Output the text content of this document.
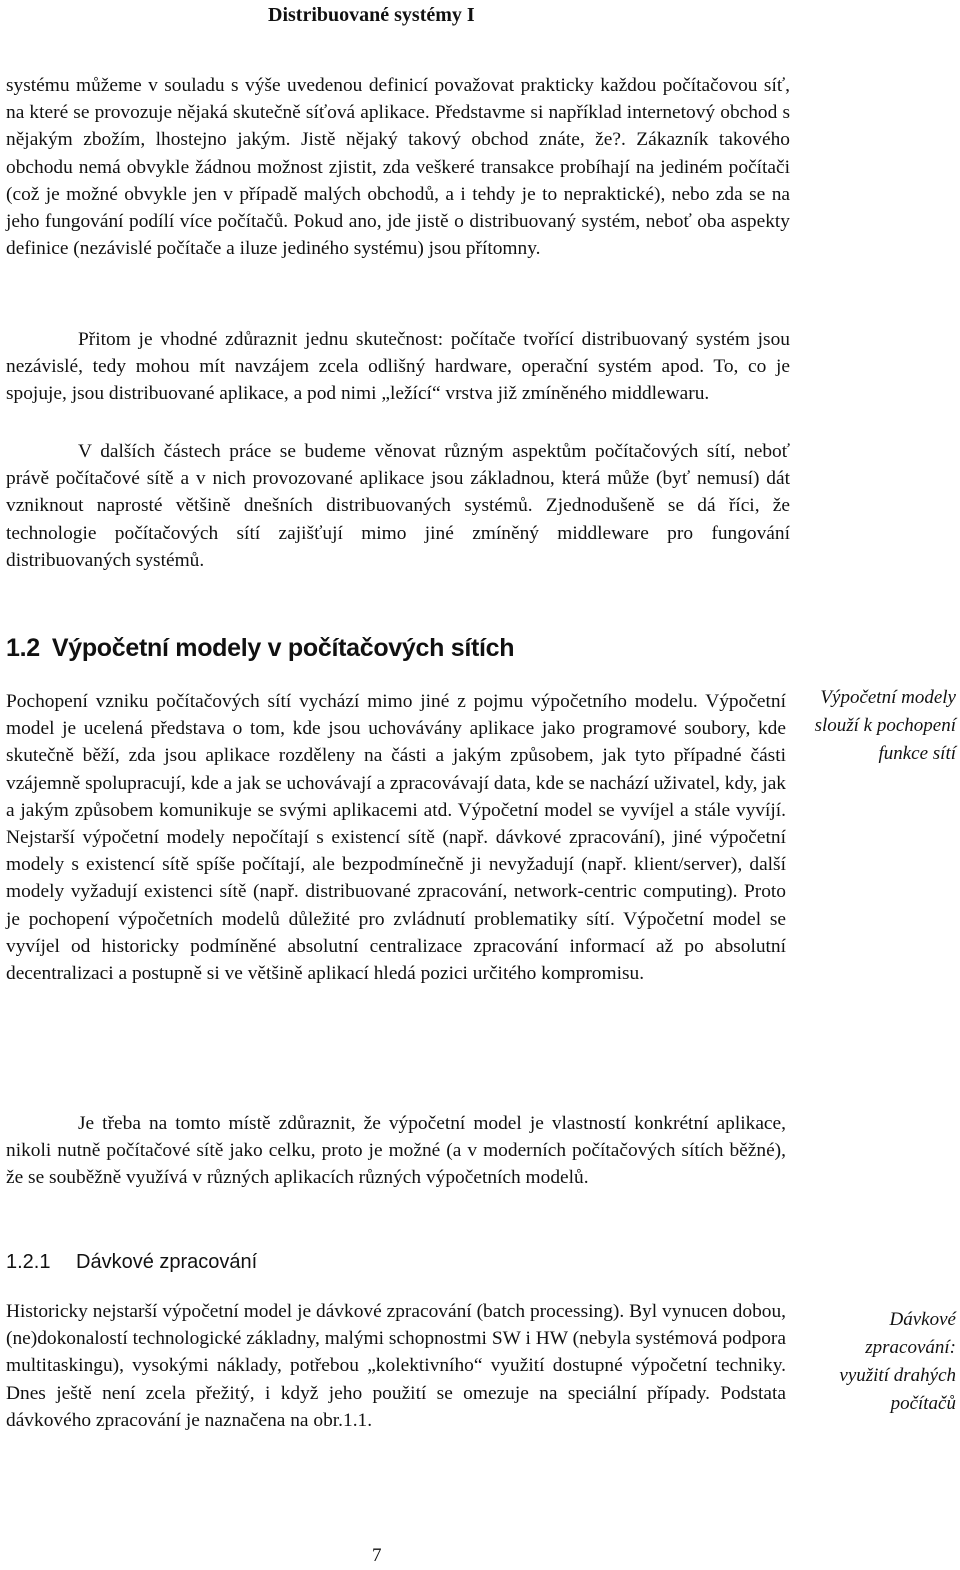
Distribuované systémy I

systému můžeme v souladu s výše uvedenou definicí považovat prakticky každou počítačovou síť, na které se provozuje nějaká skutečně síťová aplikace. Představme si například internetový obchod s nějakým zbožím, lhostejno jakým. Jistě nějaký takový obchod znáte, že?. Zákazník takového obchodu nemá obvykle žádnou možnost zjistit, zda veškeré transakce probíhají na jediném počítači (což je možné obvykle jen v případě malých obchodů, a i tehdy je to nepraktické), nebo zda se na jeho fungování podílí více počítačů. Pokud ano, jde jistě o distribuovaný systém, neboť oba aspekty definice (nezávislé počítače a iluze jediného systému) jsou přítomny.

Přitom je vhodné zdůraznit jednu skutečnost: počítače tvořící distribuovaný systém jsou nezávislé, tedy mohou mít navzájem zcela odlišný hardware, operační systém apod. To, co je spojuje, jsou distribuované aplikace, a pod nimi „ležící“ vrstva již zmíněného middlewaru.

V dalších částech práce se budeme věnovat různým aspektům počítačových sítí, neboť právě počítačové sítě a v nich provozované aplikace jsou základnou, která může (byť nemusí) dát vzniknout naprosté většině dnešních distribuovaných systémů. Zjednodušeně se dá říci, že technologie počítačových sítí zajišťují mimo jiné zmíněný middleware pro fungování distribuovaných systémů.

1.2 Výpočetní modely v počítačových sítích

Pochopení vzniku počítačových sítí vychází mimo jiné z pojmu výpočetního modelu. Výpočetní model je ucelená představa o tom, kde jsou uchovávány aplikace jako programové soubory, kde skutečně běží, zda jsou aplikace rozděleny na části a jakým způsobem, jak tyto případné části vzájemně spolupracují, kde a jak se uchovávají a zpracovávají data, kde se nachází uživatel, kdy, jak a jakým způsobem komunikuje se svými aplikacemi atd. Výpočetní model se vyvíjel a stále vyvíjí. Nejstarší výpočetní modely nepočítají s existencí sítě (např. dávkové zpracování), jiné výpočetní modely s existencí sítě spíše počítají, ale bezpodmínečně ji nevyžadují (např. klient/server), další modely vyžadují existenci sítě (např. distribuované zpracování, network-centric computing). Proto je pochopení výpočetních modelů důležité pro zvládnutí problematiky sítí. Výpočetní model se vyvíjel od historicky podmíněné absolutní centralizace zpracování informací až po absolutní decentralizaci a postupně si ve většině aplikací hledá pozici určitého kompromisu.

Je třeba na tomto místě zdůraznit, že výpočetní model je vlastností konkrétní aplikace, nikoli nutně počítačové sítě jako celku, proto je možné (a v moderních počítačových sítích běžné), že se souběžně využívá v různých aplikacích různých výpočetních modelů.

Výpočetní modely slouží k pochopení funkce sítí

1.2.1 Dávkové zpracování

Historicky nejstarší výpočetní model je dávkové zpracování (batch processing). Byl vynucen dobou, (ne)dokonalostí technologické základny, malými schopnostmi SW i HW (nebyla systémová podpora multitaskingu), vysokými náklady, potřebou „kolektivního“ využití dostupné výpočetní techniky. Dnes ještě není zcela přežitý, i když jeho použití se omezuje na speciální případy. Podstata dávkového zpracování je naznačena na obr.1.1.

Dávkové zpracování: využití drahých počítačů

7
